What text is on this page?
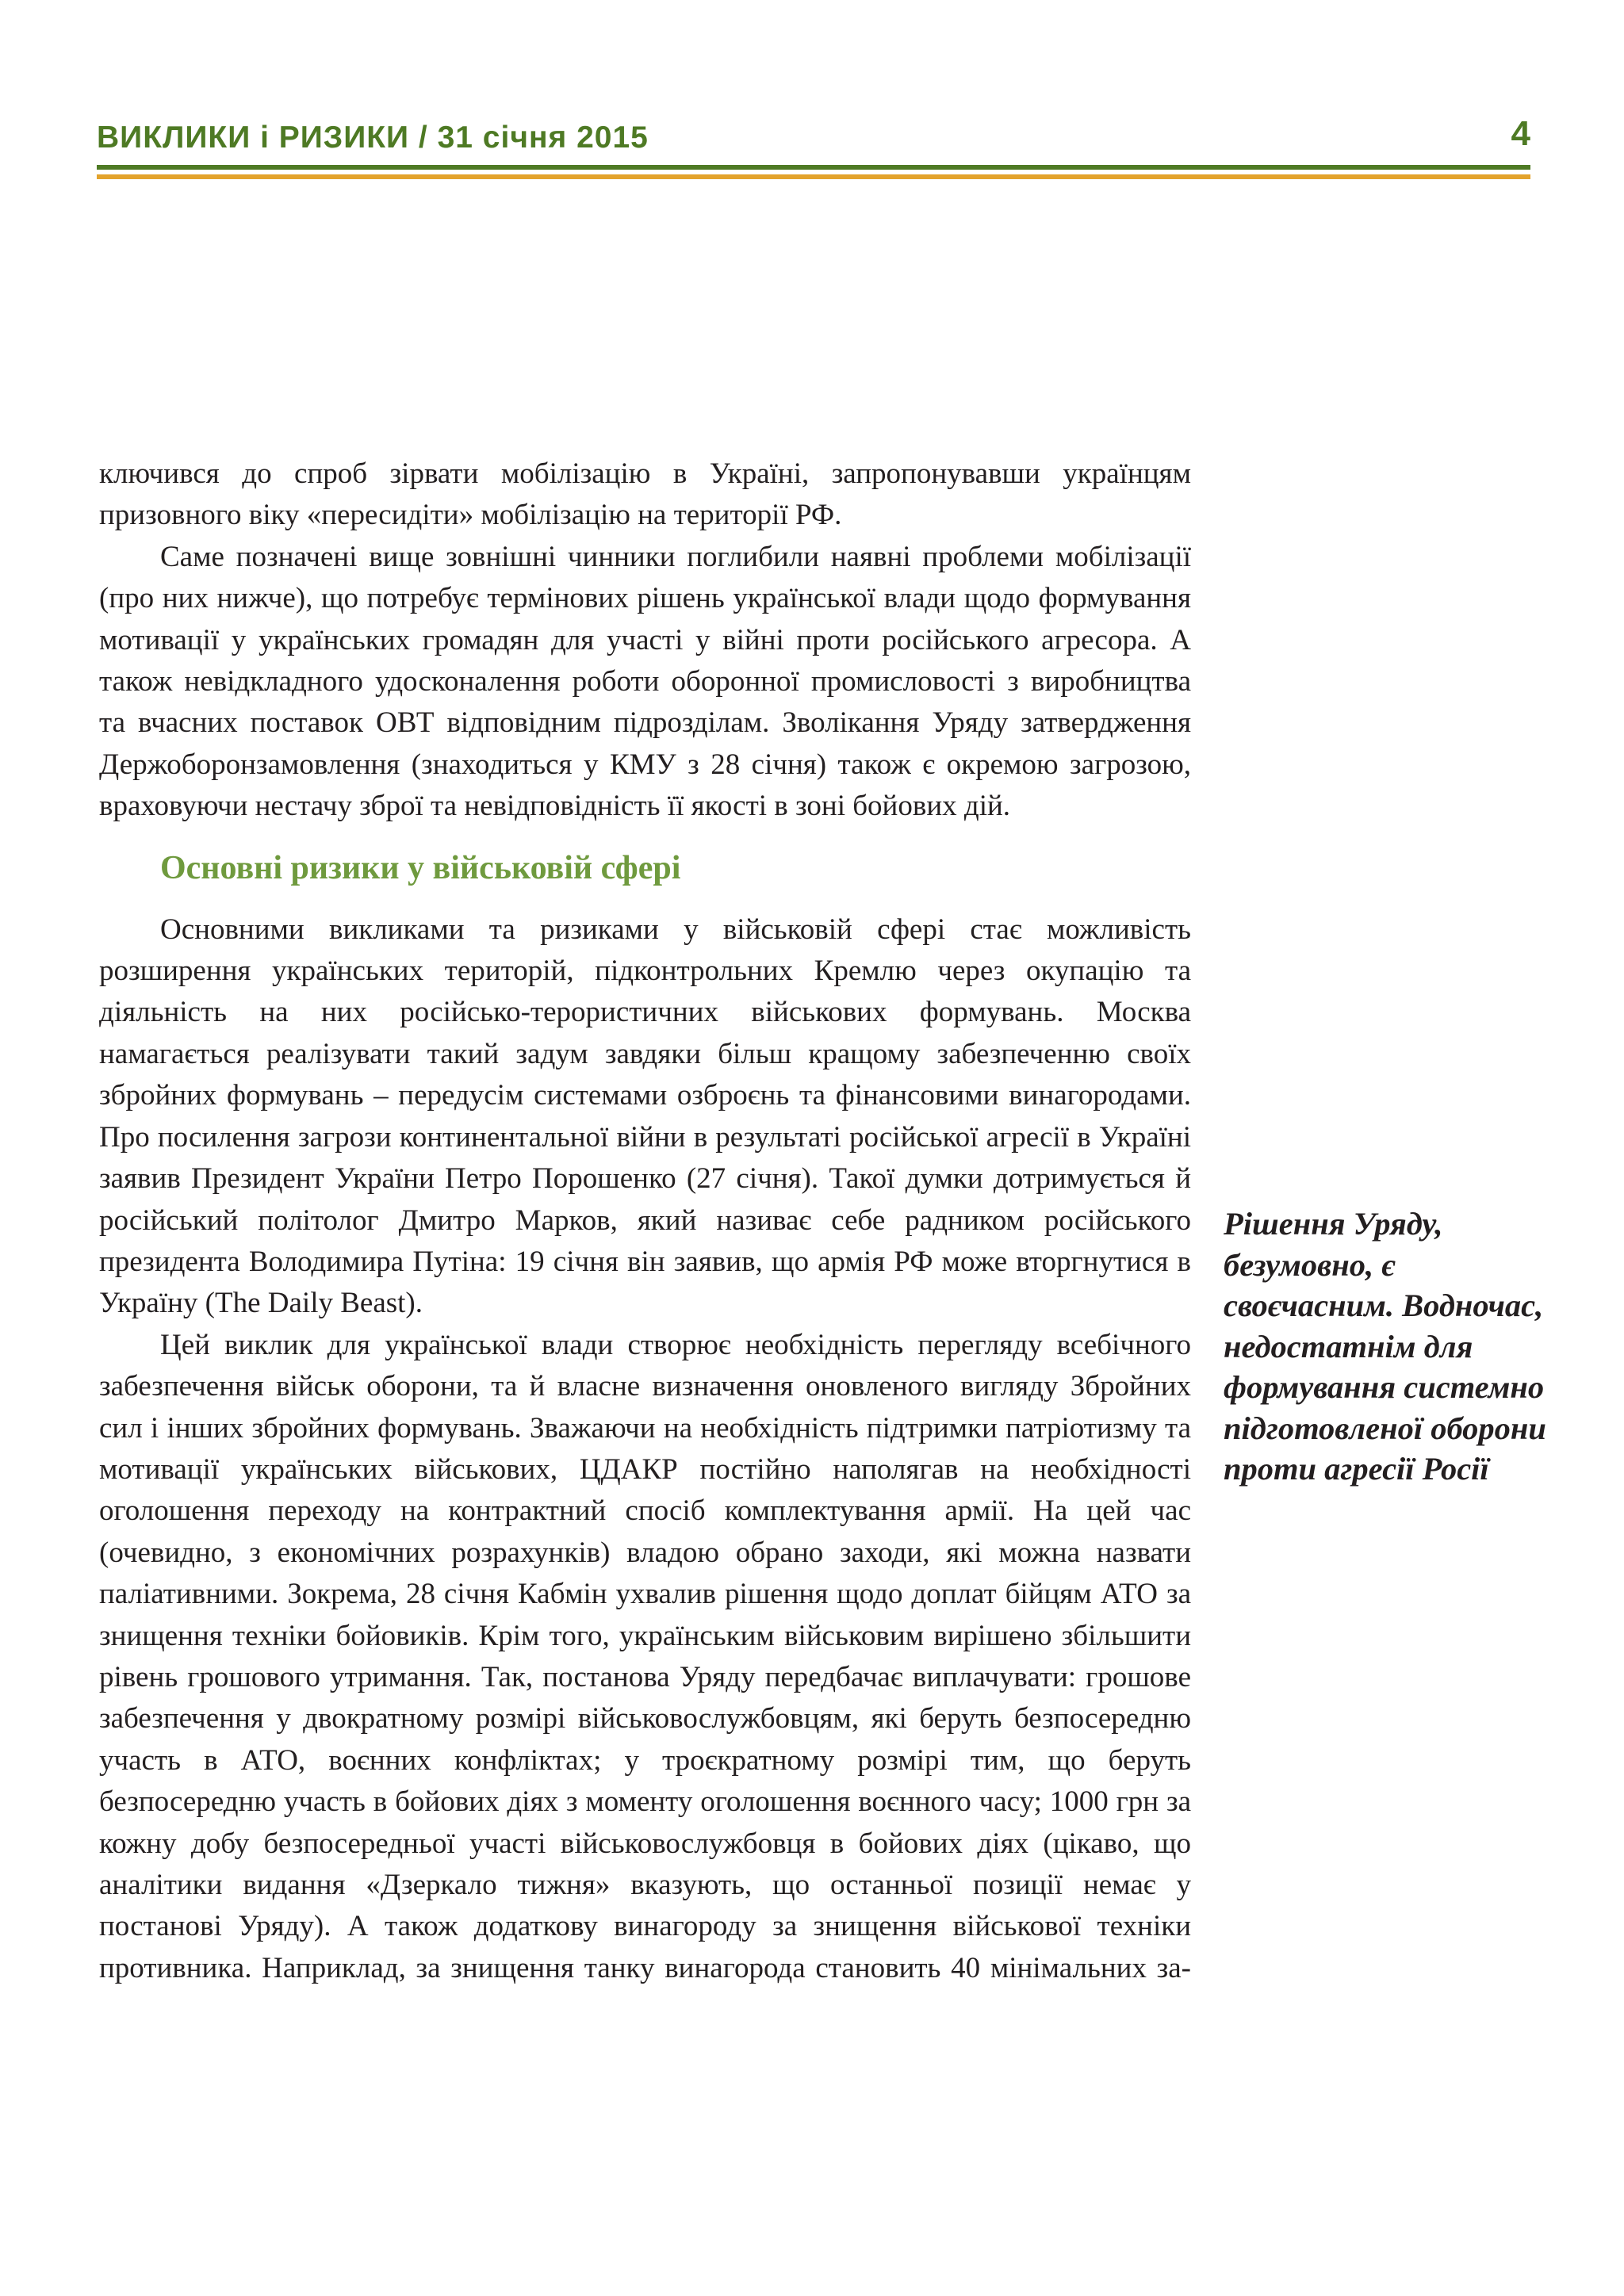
ВИКЛИКИ і РИЗИКИ / 31 січня 2015	4

ключився до спроб зірвати мобілізацію в Україні, запропонувавши українцям призовного віку «пересидіти» мобілізацію на території РФ.

Саме позначені вище зовнішні чинники поглибили наявні проблеми мобілізації (про них нижче), що потребує термінових рішень української влади щодо формування мотивації у українських громадян для участі у війні проти російського агресора. А також невідкладного удосконалення роботи оборонної промисловості з виробництва та вчасних поставок ОВТ відповідним підрозділам. Зволікання Уряду затвердження Держоборонзамовлення (знаходиться у КМУ з 28 січня) також є окремою загрозою, враховуючи нестачу зброї та невідповідність її якості в зоні бойових дій.

Основні ризики у військовій сфері

Основними викликами та ризиками у військовій сфері стає можливість розширення українських територій, підконтрольних Кремлю через окупацію та діяльність на них російсько-терористичних військових формувань. Москва намагається реалізувати такий задум завдяки більш кращому забезпеченню своїх збройних формувань – передусім системами озброєнь та фінансовими винагородами. Про посилення загрози континентальної війни в результаті російської агресії в Україні заявив Президент України Петро Порошенко (27 січня). Такої думки дотримується й російський політолог Дмитро Марков, який називає себе радником російського президента Володимира Путіна: 19 січня він заявив, що армія РФ може вторгнутися в Україну (The Daily Beast).

Цей виклик для української влади створює необхідність перегляду всебічного забезпечення військ оборони, та й власне визначення оновленого вигляду Збройних сил і інших збройних формувань. Зважаючи на необхідність підтримки патріотизму та мотивації українських військових, ЦДАКР постійно наполягав на необхідності оголошення переходу на контрактний спосіб комплектування армії. На цей час (очевидно, з економічних розрахунків) владою обрано заходи, які можна назвати паліативними. Зокрема, 28 січня Кабмін ухвалив рішення щодо доплат бійцям АТО за знищення техніки бойовиків. Крім того, українським військовим вирішено збільшити рівень грошового утримання. Так, постанова Уряду передбачає виплачувати: грошове забезпечення у двократному розмірі військовослужбовцям, які беруть безпосередню участь в АТО, воєнних конфліктах; у троєкратному розмірі тим, що беруть безпосередню участь в бойових діях з моменту оголошення воєнного часу; 1000 грн за кожну добу безпосередньої участі військовослужбовця в бойових діях (цікаво, що аналітики видання «Дзеркало тижня» вказують, що останньої позиції немає у постанові Уряду). А також додаткову винагороду за знищення військової техніки противника. Наприклад, за знищення танку винагорода становить 40 мінімальних за-

Рішення Уряду, безумовно, є своєчасним. Водночас, недостатнім для формування системно підготовленої оборони проти агресії Росії
